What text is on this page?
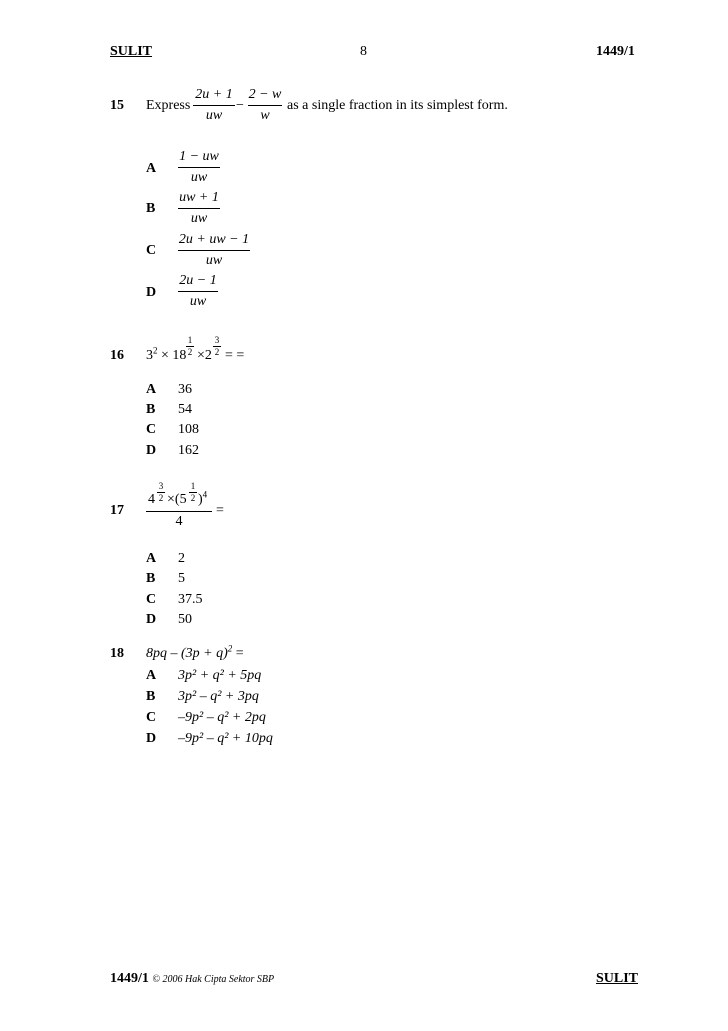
SULIT	8	1449/1
15 Express
2u + 1
uw
−
2 − w
w
as a single fraction in its simplest form.
A
1 − uw
uw
B
uw + 1
uw
C
2u + uw − 1
uw
D
2u − 1
uw
16 $3^2 \times 18$
1
2 ×2
3
2 = =
A 36
B 54
C 108
D 162
17
4
3
2 ×(5
1
2 )$^4$
4
=
A 2
B 5
C 37.5
D 50
18 $8pq - (3p + q)^2$ =
A 3p² + q² + 5pq
B 3p² – q² + 3pq
C –9p² – q² + 2pq
D –9p² – q² + 10pq
1449/1 © 2006 Hak Cipta Sektor SBP	SULIT
